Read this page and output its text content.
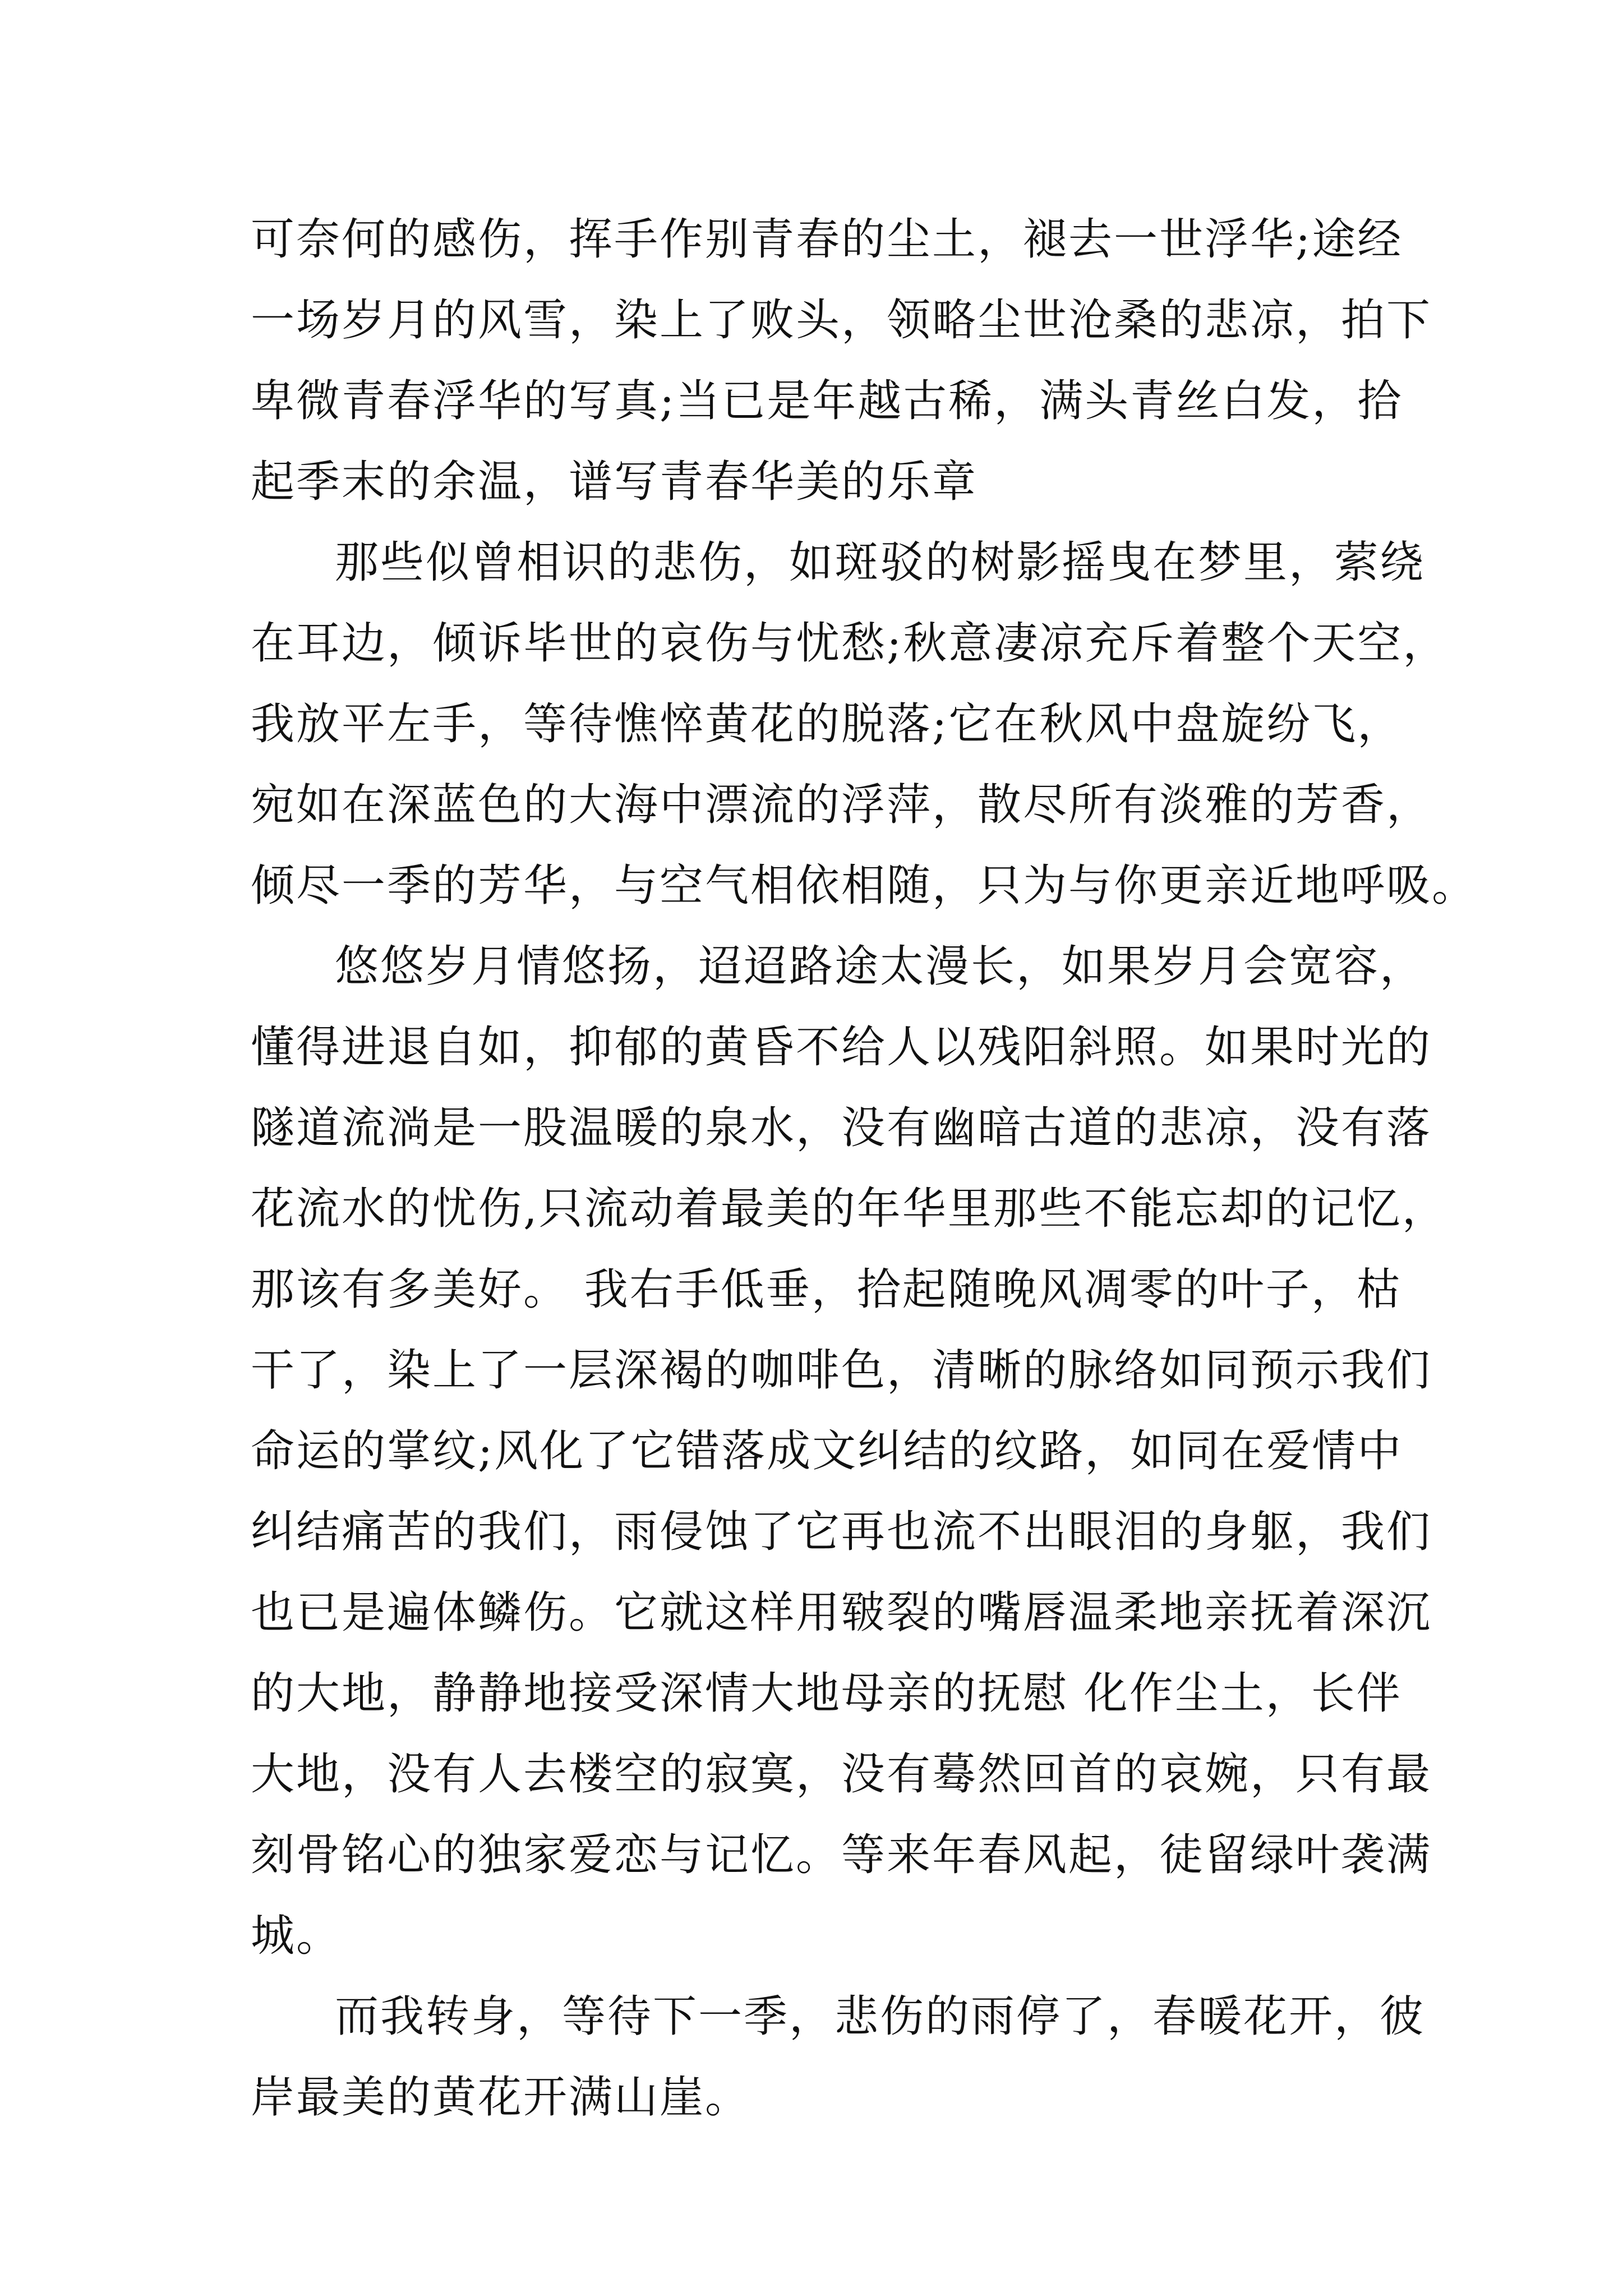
可奈何的感伤，挥手作别青春的尘土，褪去一世浮华;途经
一场岁月的风雪，染上了败头，领略尘世沧桑的悲凉，拍下
卑微青春浮华的写真;当已是年越古稀，满头青丝白发，拾
起季末的余温，谱写青春华美的乐章
那些似曾相识的悲伤，如斑驳的树影摇曳在梦里，萦绕
在耳边，倾诉毕世的哀伤与忧愁;秋意凄凉充斥着整个天空，
我放平左手，等待憔悴黄花的脱落;它在秋风中盘旋纷飞，
宛如在深蓝色的大海中漂流的浮萍，散尽所有淡雅的芳香，
倾尽一季的芳华，与空气相依相随，只为与你更亲近地呼吸。
悠悠岁月情悠扬，迢迢路途太漫长，如果岁月会宽容，
懂得进退自如，抑郁的黄昏不给人以残阳斜照。如果时光的
隧道流淌是一股温暖的泉水，没有幽暗古道的悲凉，没有落
花流水的忧伤,只流动着最美的年华里那些不能忘却的记忆，
那该有多美好。 我右手低垂，拾起随晚风凋零的叶子，枯
干了，染上了一层深褐的咖啡色，清晰的脉络如同预示我们
命运的掌纹;风化了它错落成文纠结的纹路，如同在爱情中
纠结痛苦的我们，雨侵蚀了它再也流不出眼泪的身躯，我们
也已是遍体鳞伤。它就这样用皲裂的嘴唇温柔地亲抚着深沉
的大地，静静地接受深情大地母亲的抚慰 化作尘土，长伴
大地，没有人去楼空的寂寞，没有蓦然回首的哀婉，只有最
刻骨铭心的独家爱恋与记忆。等来年春风起，徒留绿叶袭满
城。
而我转身，等待下一季，悲伤的雨停了，春暖花开，彼
岸最美的黄花开满山崖。
